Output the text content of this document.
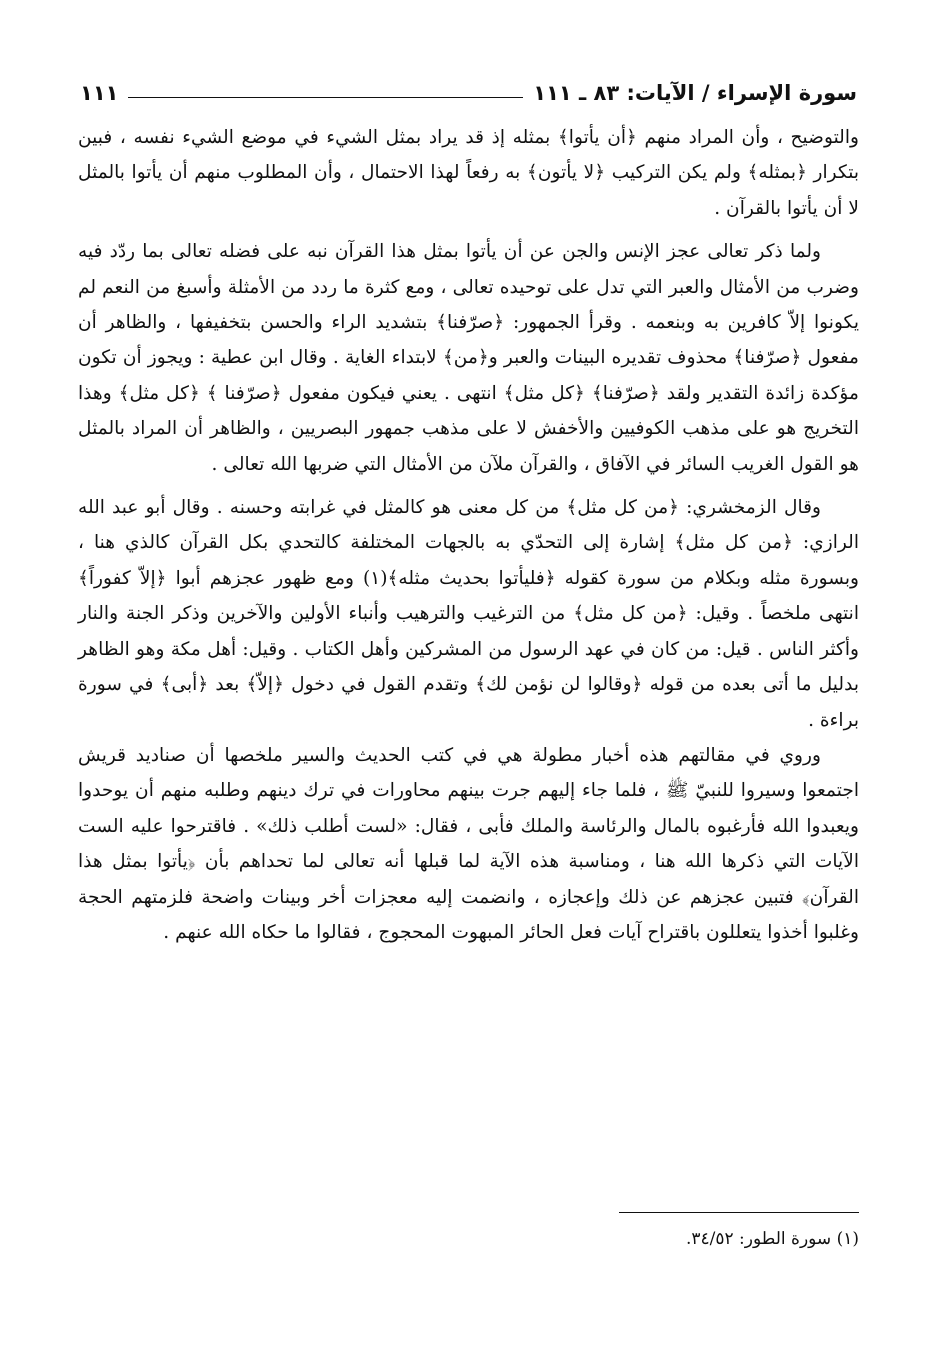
سورة الإسراء / الآيات: ٨٣ ـ ١١١
١١١

والتوضيح ، وأن المراد منهم ﴿أن يأتوا﴾ بمثله إذ قد يراد بمثل الشيء في موضع الشيء نفسه ، فبين بتكرار ﴿بمثله﴾ ولم يكن التركيب ﴿لا يأتون﴾ به رفعاً لهذا الاحتمال ، وأن المطلوب منهم أن يأتوا بالمثل لا أن يأتوا بالقرآن .

ولما ذكر تعالى عجز الإنس والجن عن أن يأتوا بمثل هذا القرآن نبه على فضله تعالى بما ردّد فيه وضرب من الأمثال والعبر التي تدل على توحيده تعالى ، ومع كثرة ما ردد من الأمثلة وأسبغ من النعم لم يكونوا إلاّ كافرين به وبنعمه . وقرأ الجمهور: ﴿صرّفنا﴾ بتشديد الراء والحسن بتخفيفها ، والظاهر أن مفعول ﴿صرّفنا﴾ محذوف تقديره البينات والعبر و﴿من﴾ لابتداء الغاية . وقال ابن عطية : ويجوز أن تكون مؤكدة زائدة التقدير ولقد ﴿صرّفنا﴾ ﴿كل مثل﴾ انتهى . يعني فيكون مفعول ﴿صرّفنا ﴾ ﴿كل مثل﴾ وهذا التخريج هو على مذهب الكوفيين والأخفش لا على مذهب جمهور البصريين ، والظاهر أن المراد بالمثل هو القول الغريب السائر في الآفاق ، والقرآن ملآن من الأمثال التي ضربها الله تعالى .

وقال الزمخشري: ﴿من كل مثل﴾ من كل معنى هو كالمثل في غرابته وحسنه . وقال أبو عبد الله الرازي: ﴿من كل مثل﴾ إشارة إلى التحدّي به بالجهات المختلفة كالتحدي بكل القرآن كالذي هنا ، وبسورة مثله وبكلام من سورة كقوله ﴿فليأتوا بحديث مثله﴾(١) ومع ظهور عجزهم أبوا ﴿إلاّ كفوراً﴾ انتهى ملخصاً . وقيل: ﴿من كل مثل﴾ من الترغيب والترهيب وأنباء الأولين والآخرين وذكر الجنة والنار وأكثر الناس . قيل: من كان في عهد الرسول من المشركين وأهل الكتاب . وقيل: أهل مكة وهو الظاهر بدليل ما أتى بعده من قوله ﴿وقالوا لن نؤمن لك﴾ وتقدم القول في دخول ﴿إلاّ﴾ بعد ﴿أبى﴾ في سورة براءة .

وروي في مقالتهم هذه أخبار مطولة هي في كتب الحديث والسير ملخصها أن صناديد قريش اجتمعوا وسيروا للنبيّ ﷺ ، فلما جاء إليهم جرت بينهم محاورات في ترك دينهم وطلبه منهم أن يوحدوا ويعبدوا الله فأرغبوه بالمال والرئاسة والملك فأبى ، فقال: «لست أطلب ذلك» . فاقترحوا عليه الست الآيات التي ذكرها الله هنا ، ومناسبة هذه الآية لما قبلها أنه تعالى لما تحداهم بأن ﴿يأتوا بمثل هذا القرآن﴾ فتبين عجزهم عن ذلك وإعجازه ، وانضمت إليه معجزات أخر وبينات واضحة فلزمتهم الحجة وغلبوا أخذوا يتعللون باقتراح آيات فعل الحائر المبهوت المحجوج ، فقالوا ما حكاه الله عنهم .

(١) سورة الطور: ٣٤/٥٢.
